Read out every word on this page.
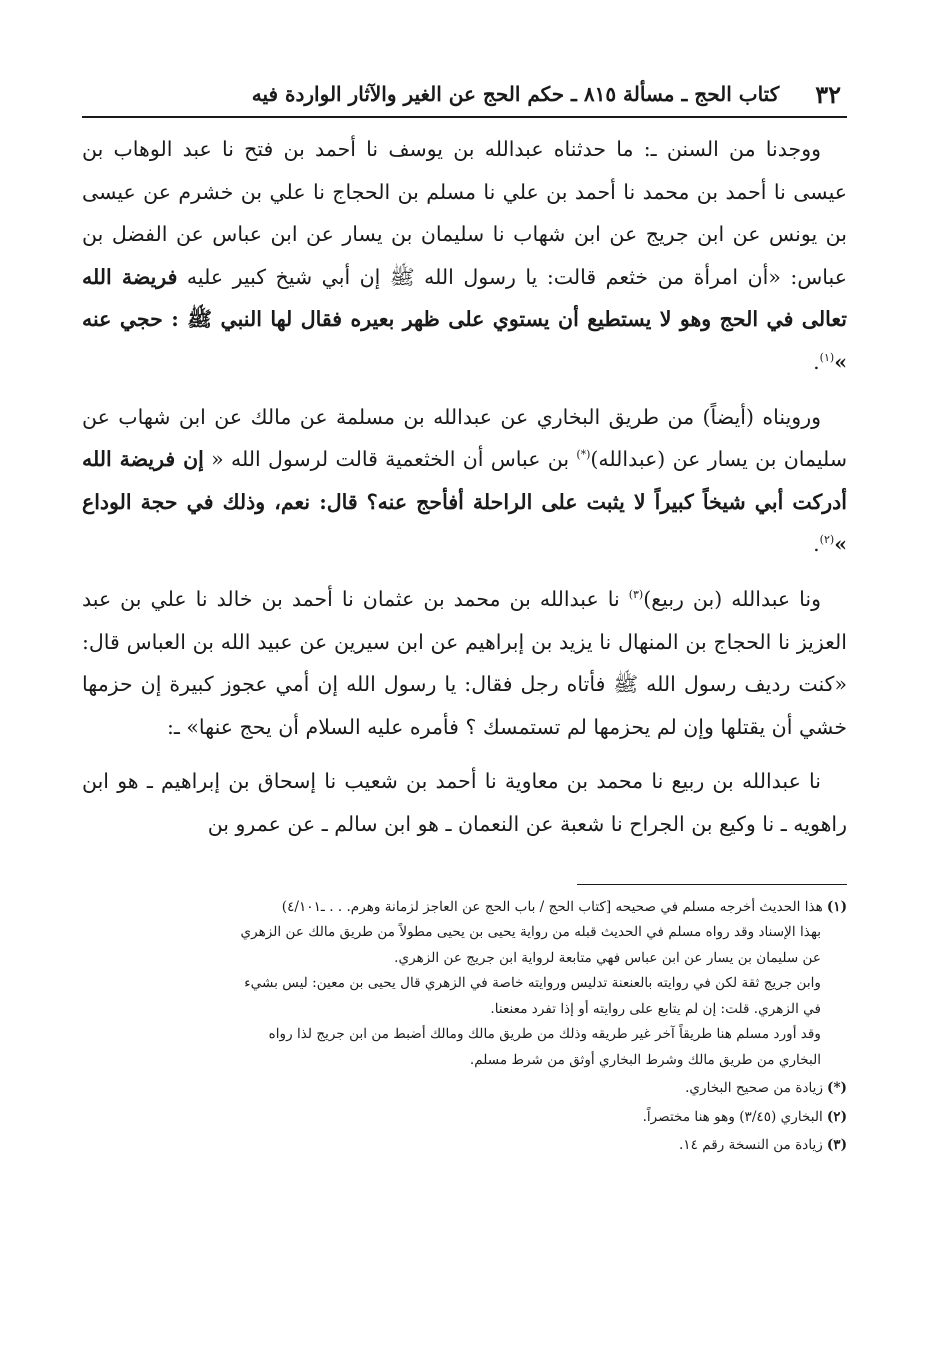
٣٢
كتاب الحج ـ مسألة ٨١٥ ـ حكم الحج عن الغير والآثار الواردة فيه

ووجدنا من السنن ـ: ما حدثناه عبدالله بن يوسف نا أحمد بن فتح نا عبد الوهاب بن عيسى نا أحمد بن محمد نا أحمد بن علي نا مسلم بن الحجاج نا علي بن خشرم عن عيسى بن يونس عن ابن جريج عن ابن شهاب نا سليمان بن يسار عن ابن عباس عن الفضل بن عباس: «أن امرأة من خثعم قالت: يا رسول الله ﷺ إن أبي شيخ كبير عليه فريضة الله تعالى في الحج وهو لا يستطيع أن يستوي على ظهر بعيره فقال لها النبي ﷺ : حجي عنه »$^{(١)}$.

ورويناه (أيضاً) من طريق البخاري عن عبدالله بن مسلمة عن مالك عن ابن شهاب عن سليمان بن يسار عن (عبدالله)(*) بن عباس أن الخثعمية قالت لرسول الله « إن فريضة الله أدركت أبي شيخاً كبيراً لا يثبت على الراحلة أفأحج عنه؟ قال: نعم، وذلك في حجة الوداع »$^{(٢)}$.

ونا عبدالله (بن ربيع)$^{(٣)}$ نا عبدالله بن محمد بن عثمان نا أحمد بن خالد نا علي بن عبد العزيز نا الحجاج بن المنهال نا يزيد بن إبراهيم عن ابن سيرين عن عبيد الله بن العباس قال: «كنت رديف رسول الله ﷺ فأتاه رجل فقال: يا رسول الله إن أمي عجوز كبيرة إن حزمها خشي أن يقتلها وإن لم يحزمها لم تستمسك ؟ فأمره عليه السلام أن يحج عنها» ـ:

نا عبدالله بن ربيع نا محمد بن معاوية نا أحمد بن شعيب نا إسحاق بن إبراهيم ـ هو ابن راهويه ـ نا وكيع بن الجراح نا شعبة عن النعمان ـ هو ابن سالم ـ عن عمرو بن

(١)هذا الحديث أخرجه مسلم في صحيحه [كتاب الحج / باب الحج عن العاجز لزمانة وهرم. . . ـ٤/١٠١)
بهذا الإسناد وقد رواه مسلم في الحديث قبله من رواية يحيى بن يحيى مطولاً من طريق مالك عن الزهري
عن سليمان بن يسار عن ابن عباس فهي متابعة لرواية ابن جريج عن الزهري.
وابن جريج ثقة لكن في روايته بالعنعنة تدليس وروايته خاصة في الزهري قال يحيى بن معين: ليس بشيء
في الزهري. قلت: إن لم يتابع على روايته أو إذا تفرد معنعنا.
وقد أورد مسلم هنا طريقاً آخر غير طريقه وذلك من طريق مالك ومالك أضبط من ابن جريج لذا رواه
البخاري من طريق مالك وشرط البخاري أوثق من شرط مسلم.
(*)زيادة من صحيح البخاري.
(٢)البخاري (٣/٤٥) وهو هنا مختصراً.
(٣)زيادة من النسخة رقم ١٤.
